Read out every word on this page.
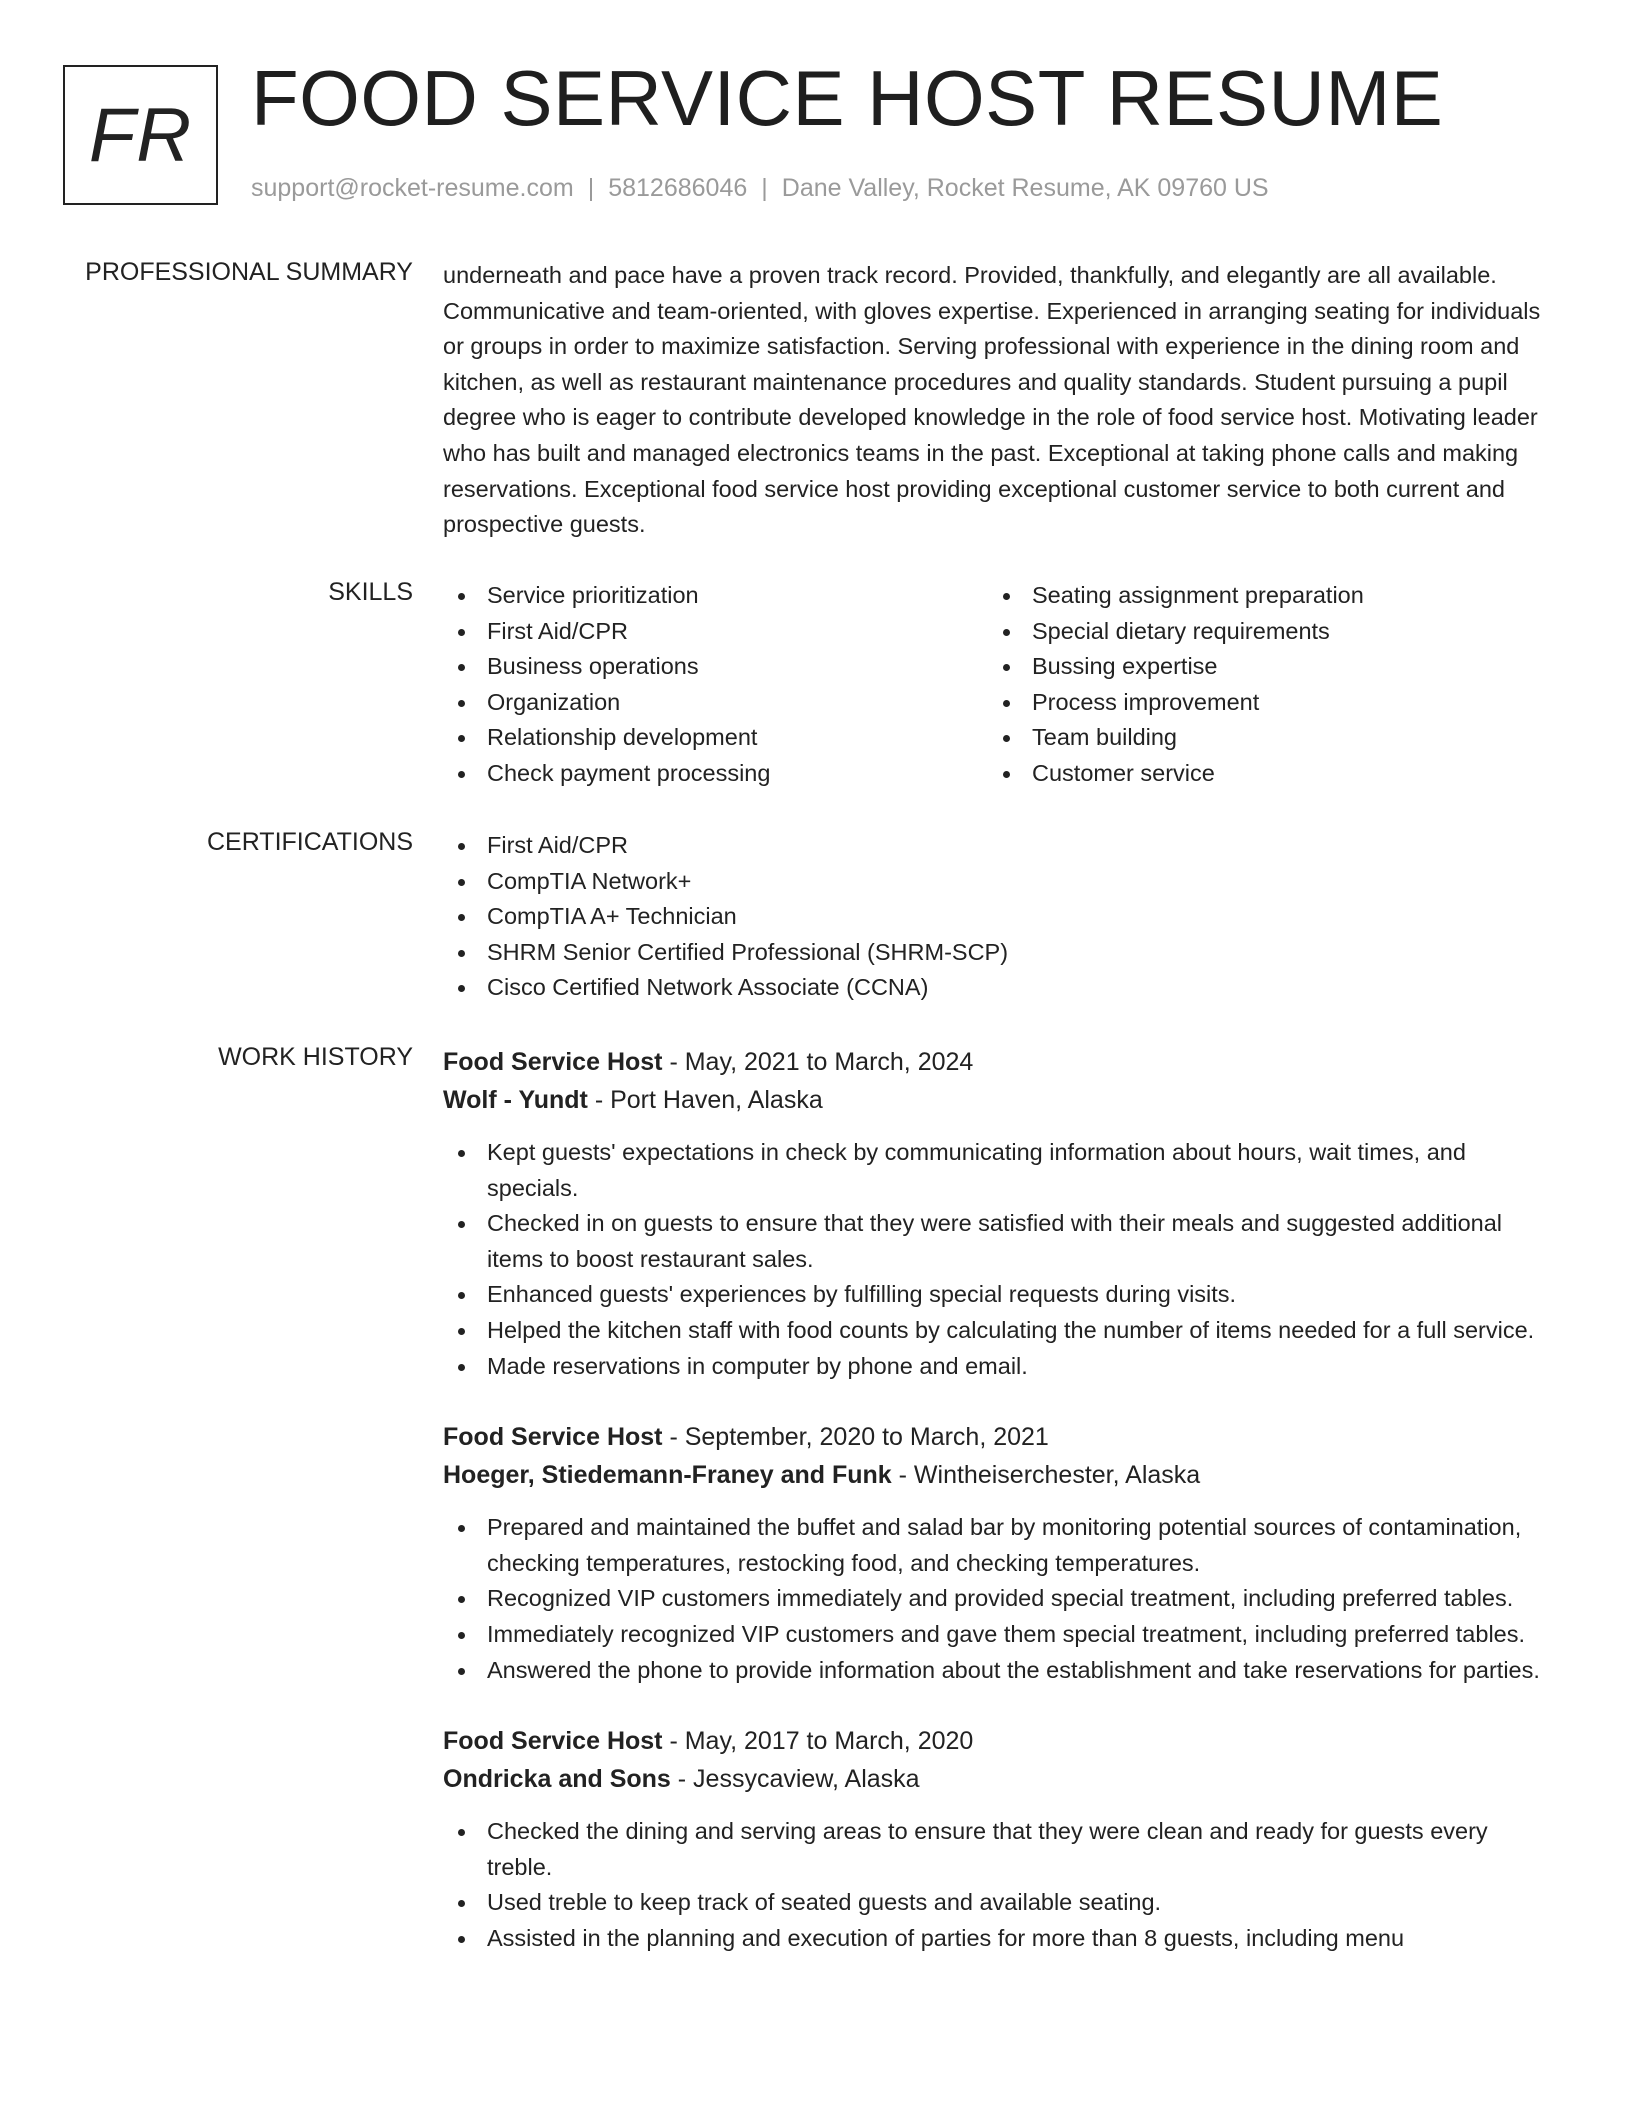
FR FOOD SERVICE HOST RESUME
support@rocket-resume.com | 5812686046 | Dane Valley, Rocket Resume, AK 09760 US
PROFESSIONAL SUMMARY underneath and pace have a proven track record. Provided, thankfully, and elegantly are all available. Communicative and team-oriented, with gloves expertise. Experienced in arranging seating for individuals or groups in order to maximize satisfaction. Serving professional with experience in the dining room and kitchen, as well as restaurant maintenance procedures and quality standards. Student pursuing a pupil degree who is eager to contribute developed knowledge in the role of food service host. Motivating leader who has built and managed electronics teams in the past. Exceptional at taking phone calls and making reservations. Exceptional food service host providing exceptional customer service to both current and prospective guests.

SKILLS	Service prioritization
First Aid/CPR
Business operations
Organization
Relationship development
Check payment processing
Seating assignment preparation
Special dietary requirements
Bussing expertise
Process improvement
Team building
Customer service
CERTIFICATIONS	First Aid/CPR
CompTIA Network+
CompTIA A+ Technician
SHRM Senior Certified Professional (SHRM-SCP)
Cisco Certified Network Associate (CCNA)
WORK HISTORY Food Service Host - May, 2021 to March, 2024
Wolf - Yundt - Port Haven, Alaska
Kept guests' expectations in check by communicating information about hours, wait times, and specials.
Checked in on guests to ensure that they were satisfied with their meals and suggested additional items to boost restaurant sales.
Enhanced guests' experiences by fulfilling special requests during visits.
Helped the kitchen staff with food counts by calculating the number of items needed for a full service.
Made reservations in computer by phone and email.
Food Service Host - September, 2020 to March, 2021
Hoeger, Stiedemann-Franey and Funk - Wintheiserchester, Alaska
Prepared and maintained the buffet and salad bar by monitoring potential sources of contamination, checking temperatures, restocking food, and checking temperatures.
Recognized VIP customers immediately and provided special treatment, including preferred tables.
Immediately recognized VIP customers and gave them special treatment, including preferred tables.
Answered the phone to provide information about the establishment and take reservations for parties.
Food Service Host - May, 2017 to March, 2020
Ondricka and Sons - Jessycaview, Alaska
Checked the dining and serving areas to ensure that they were clean and ready for guests every treble.
Used treble to keep track of seated guests and available seating.
Assisted in the planning and execution of parties for more than 8 guests, including menu
